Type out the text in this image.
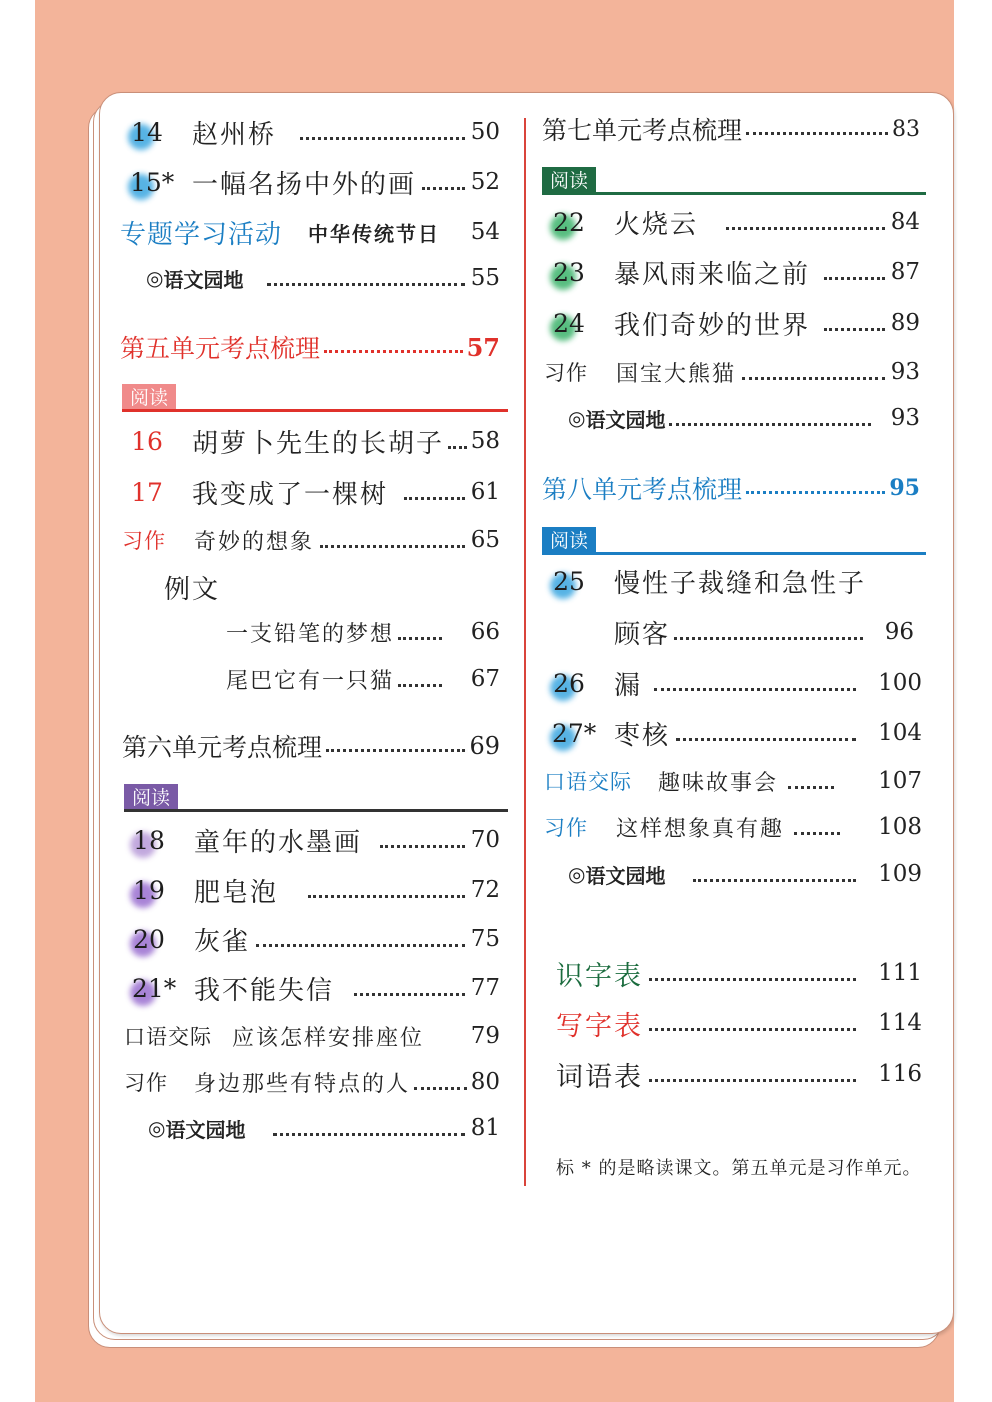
14 赵州桥	50
15* 一幅名扬中外的画 52
专题学习活动 中华传统节日 54
◎ 语文园地	55
第五单元考点梳理	57
阅读
16 胡萝卜先生的长胡子 58
17 我变成了一棵树	61
习作 奇妙的想象	65
例文
一支铅笔的梦想	66
尾巴它有一只猫	67
第六单元考点梳理	69
阅读
18 童年的水墨画	70
19 肥皂泡	72
20 灰雀	75
21* 我不能失信	77
口语交际 应该怎样安排座位 79
习作 身边那些有特点的人	80
◎ 语文园地	81
第七单元考点梳理	83
阅读
22 火烧云	84
23 暴风雨来临之前	87
24 我们奇妙的世界	89
习作 国宝大熊猫	93
◎ 语文园地	93
第八单元考点梳理	95
阅读
25 慢性子裁缝和急性子
顾客	96
26 漏	100
27* 枣核	104
口语交际 趣味故事会	107
习作 这样想象真有趣	108
◎ 语文园地	109
识字表	111
写字表	114
词语表	116
标 * 的是略读课文。第五单元是习作单元。
